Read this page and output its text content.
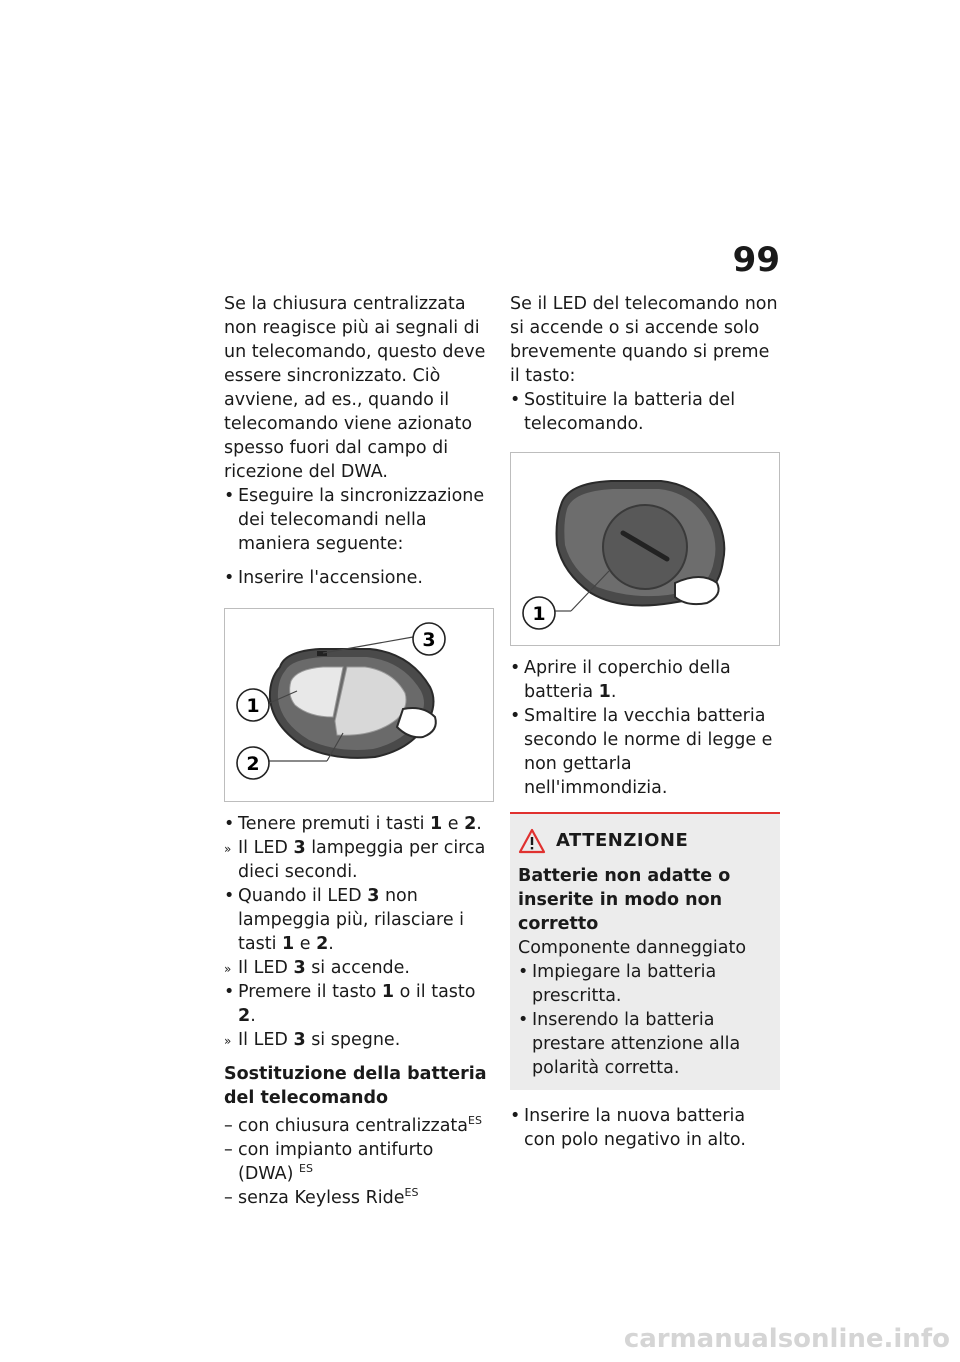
99

Se la chiusura centralizzata non reagisce più ai segnali di un telecomando, questo deve essere sincronizzato. Ciò avviene, ad es., quando il telecomando viene azionato spesso fuori dal campo di ricezione del DWA.

• Eseguire la sincronizzazione dei telecomandi nella maniera seguente:
• Inserire l'accensione.
3
1
2
• Tenere premuti i tasti 1 e 2.
» Il LED 3 lampeggia per circa dieci secondi.
• Quando il LED 3 non lampeggia più, rilasciare i tasti 1 e 2.
» Il LED 3 si accende.
• Premere il tasto 1 o il tasto 2.
» Il LED 3 si spegne.

Sostituzione della batteria del telecomando

– con chiusura centralizzata$^{ES}$
– con impianto antifurto (DWA) $^{ES}$
– senza Keyless Ride$^{ES}$

Se il LED del telecomando non si accende o si accende solo brevemente quando si preme il tasto:

• Sostituire la batteria del telecomando.
1
• Aprire il coperchio della batteria 1.
• Smaltire la vecchia batteria secondo le norme di legge e non gettarla nell'immondizia.
ATTENZIONE

Batterie non adatte o inserite in modo non corretto

Componente danneggiato

• Impiegare la batteria prescritta.
• Inserendo la batteria prestare attenzione alla polarità corretta.
• Inserire la nuova batteria con polo negativo in alto.
carmanualsonline.info
